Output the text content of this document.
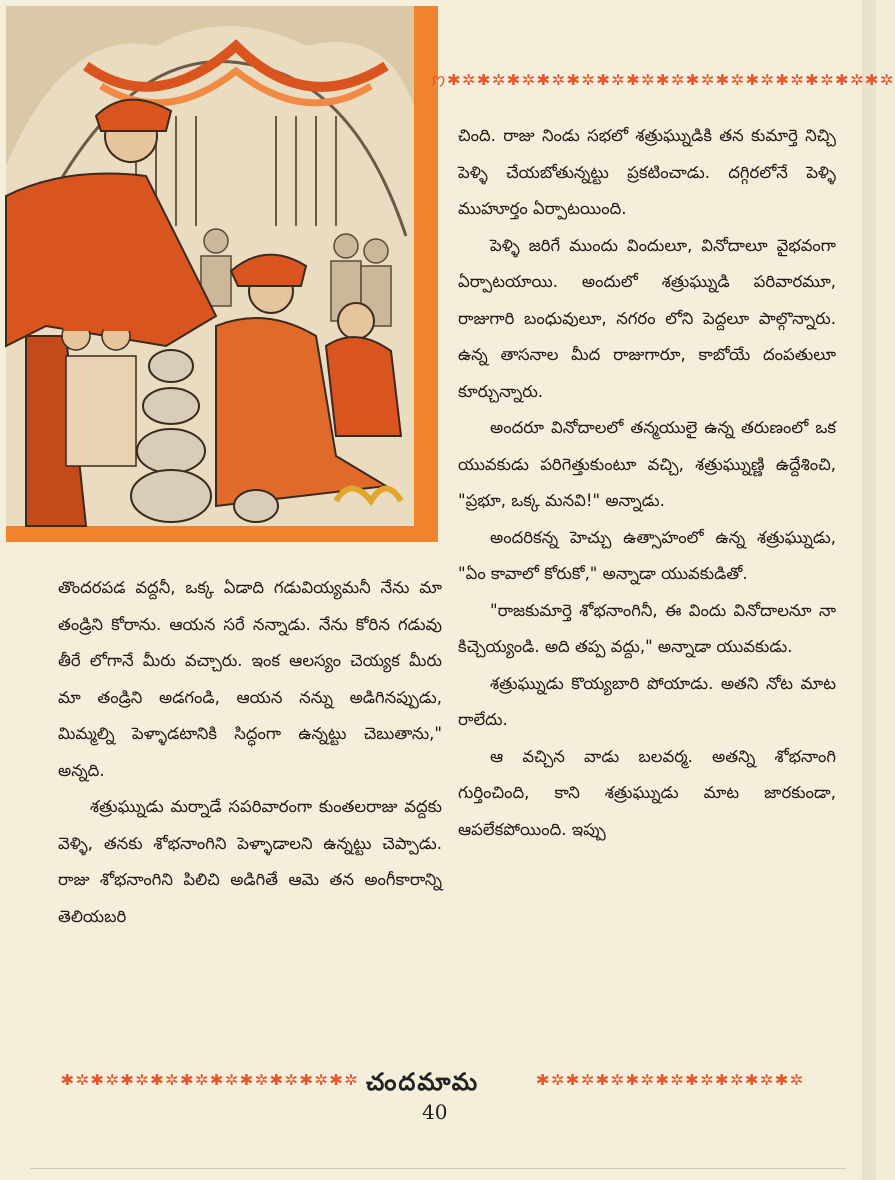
ꩀ✱✲✱✲✱✲✱✲✱✲✱✲✱✲✱✲✱✲✱✲✱✲✱✲✱✲✱✲✱✲

చింది. రాజు నిండు సభలో శత్రుఘ్నుడికి తన కుమార్తె నిచ్చి పెళ్ళి చేయబోతున్నట్టు ప్రకటించాడు. దగ్గిరలోనే పెళ్ళి ముహూర్తం ఏర్పాటయింది.

పెళ్ళి జరిగే ముందు విందులూ, వినోదాలూ వైభవంగా ఏర్పాటయాయి. అందులో శత్రుఘ్నుడి పరివారమూ, రాజుగారి బంధువులూ, నగరం లోని పెద్దలూ పాల్గొన్నారు. ఉన్న తాసనాల మీద రాజుగారూ, కాబోయే దంపతులూ కూర్చున్నారు.

అందరూ వినోదాలలో తన్మయులై ఉన్న తరుణంలో ఒక యువకుడు పరిగెత్తుకుంటూ వచ్చి, శత్రుఘ్నుణ్ణి ఉద్దేశించి, "ప్రభూ, ఒక్క మనవి!" అన్నాడు.

అందరికన్న హెచ్చు ఉత్సాహంలో ఉన్న శత్రుఘ్నుడు, "ఏం కావాలో కోరుకో," అన్నాడా యువకుడితో.

"రాజకుమార్తె శోభనాంగినీ, ఈ విందు వినోదాలనూ నా కిచ్చెయ్యండి. అది తప్ప వద్దు," అన్నాడా యువకుడు.

శత్రుఘ్నుడు కొయ్యబారి పోయాడు. అతని నోట మాట రాలేదు.

ఆ వచ్చిన వాడు బలవర్మ. అతన్ని శోభనాంగి గుర్తించింది, కాని శత్రుఘ్నుడు మాట జారకుండా, ఆపలేకపోయింది. ఇప్పు

తొందరపడ వద్దనీ, ఒక్క ఏడాది గడువియ్యమనీ నేను మా తండ్రిని కోరాను. ఆయన సరే నన్నాడు. నేను కోరిన గడువు తీరే లోగానే మీరు వచ్చారు. ఇంక ఆలస్యం చెయ్యక మీరు మా తండ్రిని అడగండి, ఆయన నన్ను అడిగినప్పుడు, మిమ్మల్ని పెళ్ళాడటానికి సిద్ధంగా ఉన్నట్టు చెబుతాను," అన్నది.

శత్రుఘ్నుడు మర్నాడే సపరివారంగా కుంతలరాజు వద్దకు వెళ్ళి, తనకు శోభనాంగిని పెళ్ళాడాలని ఉన్నట్టు చెప్పాడు. రాజు శోభనాంగిని పిలిచి అడిగితే ఆమె తన అంగీకారాన్ని తెలియబరి

✱✲✱✲✱✲✱✲✱✲✱✲✱✲✱✲✱✲✱✲ చందమామ	✱✲✱✲✱✲✱✲✱✲✱✲✱✲✱✲✱✲
40
